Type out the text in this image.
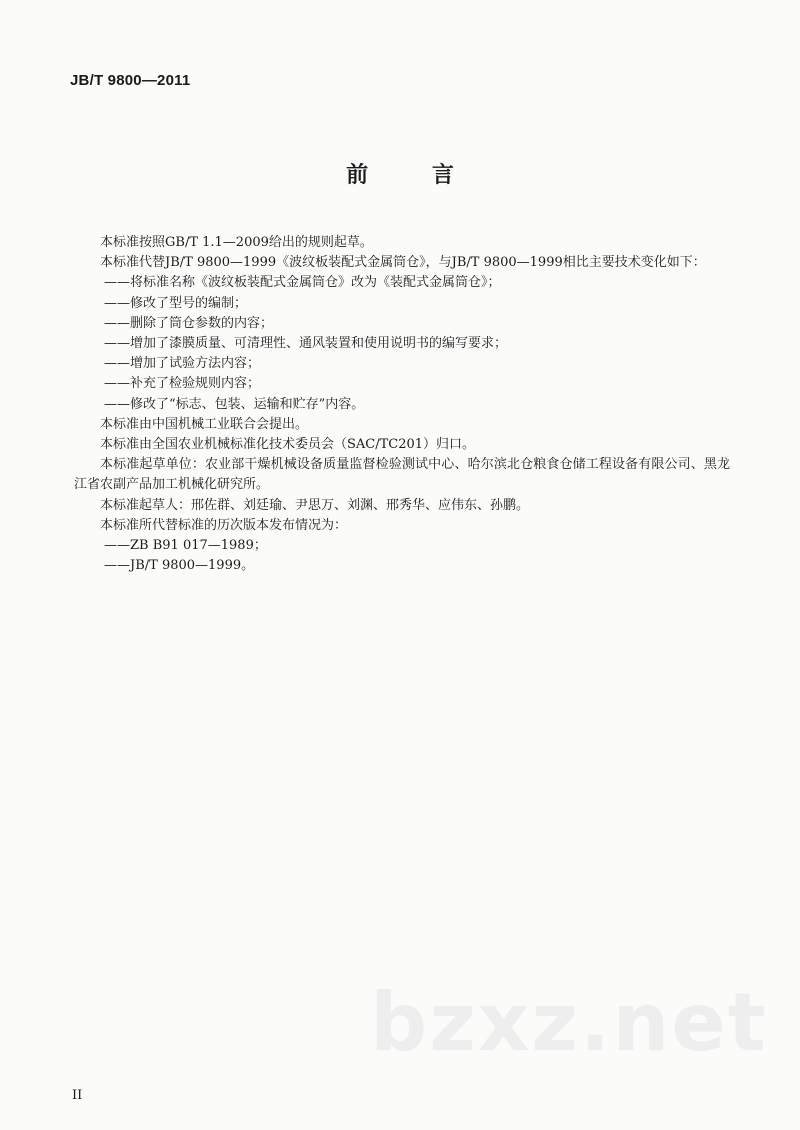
JB/T 9800—2011
前 言

本标准按照GB/T 1.1—2009给出的规则起草。

本标准代替JB/T 9800—1999《波纹板装配式金属筒仓》，与JB/T 9800—1999相比主要技术变化如下：

——将标准名称《波纹板装配式金属筒仓》改为《装配式金属筒仓》；

——修改了型号的编制；

——删除了筒仓参数的内容；

——增加了漆膜质量、可清理性、通风装置和使用说明书的编写要求；

——增加了试验方法内容；

——补充了检验规则内容；

——修改了“标志、包装、运输和贮存”内容。

本标准由中国机械工业联合会提出。

本标准由全国农业机械标准化技术委员会（SAC/TC201）归口。

本标准起草单位：农业部干燥机械设备质量监督检验测试中心、哈尔滨北仓粮食仓储工程设备有限公司、黑龙江省农副产品加工机械化研究所。

本标准起草人：邢佐群、刘廷瑜、尹思万、刘渊、邢秀华、应伟东、孙鹏。

本标准所代替标准的历次版本发布情况为：

——ZB B91 017—1989；

——JB/T 9800—1999。

II
bzxz.net
